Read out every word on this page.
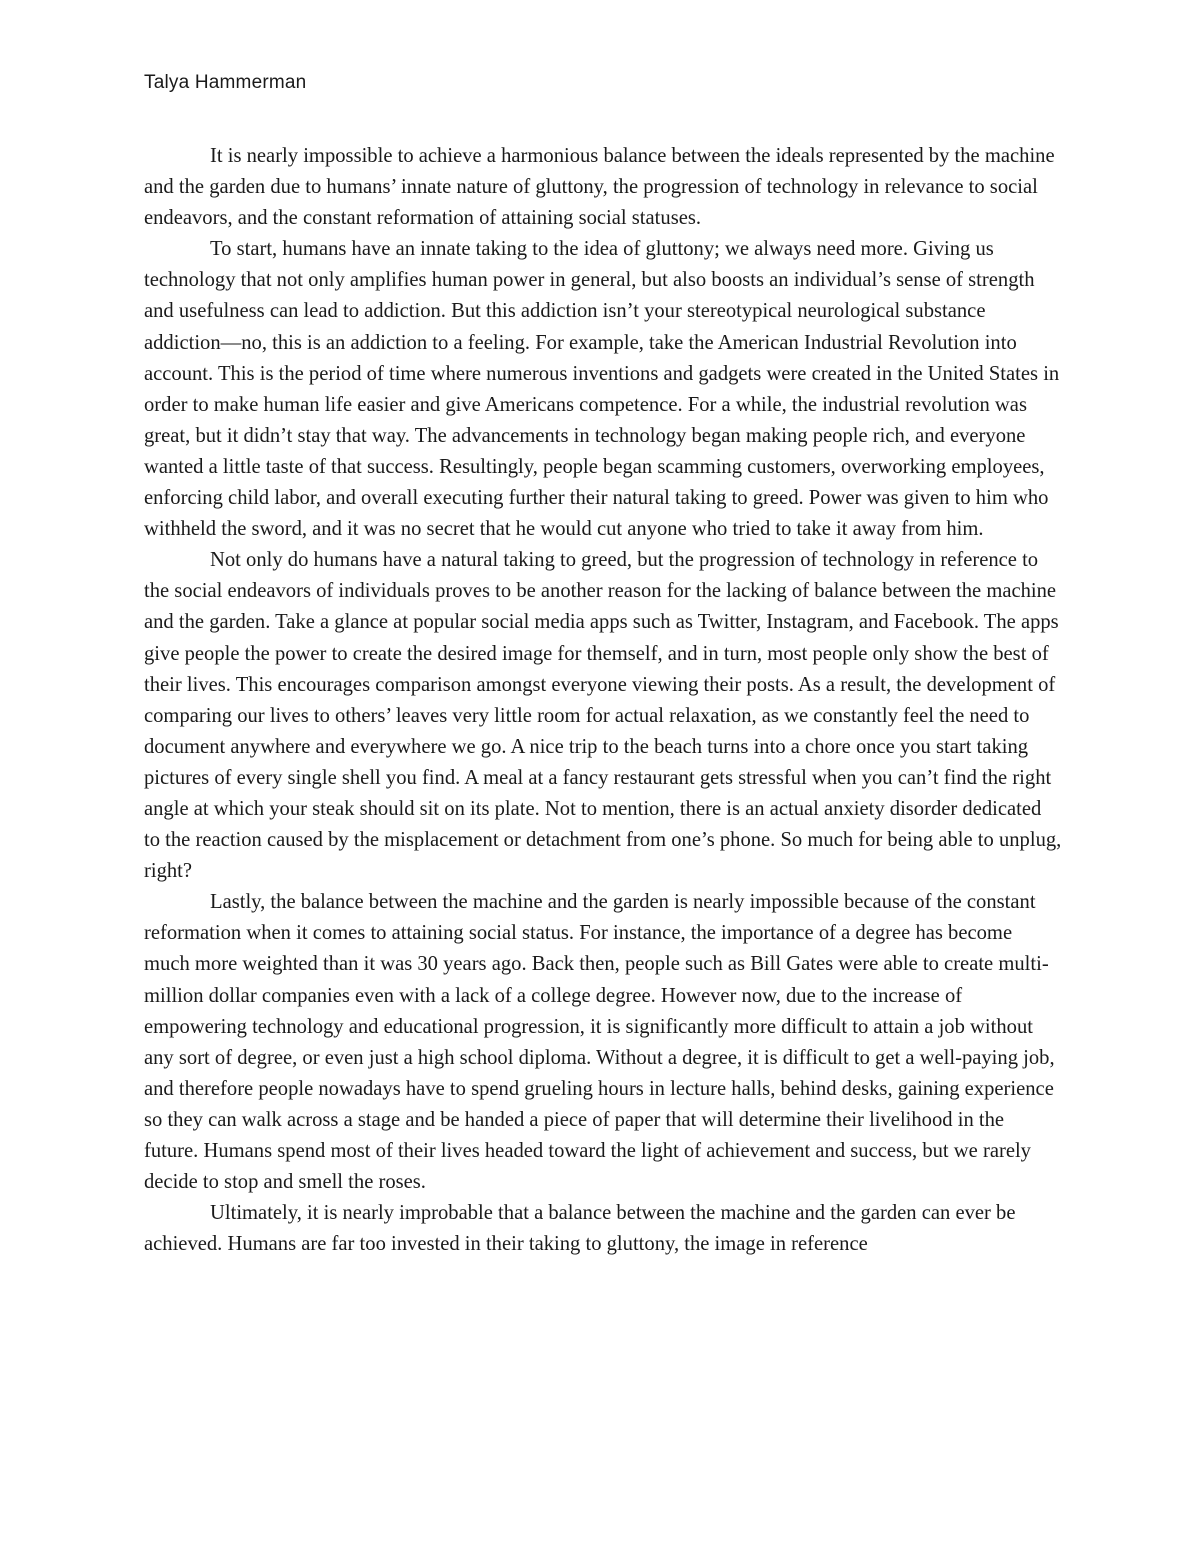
Talya Hammerman

It is nearly impossible to achieve a harmonious balance between the ideals represented by the machine and the garden due to humans’ innate nature of gluttony, the progression of technology in relevance to social endeavors, and the constant reformation of attaining social statuses.

To start, humans have an innate taking to the idea of gluttony; we always need more. Giving us technology that not only amplifies human power in general, but also boosts an individual’s sense of strength and usefulness can lead to addiction. But this addiction isn’t your stereotypical neurological substance addiction—no, this is an addiction to a feeling. For example, take the American Industrial Revolution into account. This is the period of time where numerous inventions and gadgets were created in the United States in order to make human life easier and give Americans competence. For a while, the industrial revolution was great, but it didn’t stay that way. The advancements in technology began making people rich, and everyone wanted a little taste of that success. Resultingly, people began scamming customers, overworking employees, enforcing child labor, and overall executing further their natural taking to greed. Power was given to him who withheld the sword, and it was no secret that he would cut anyone who tried to take it away from him.

Not only do humans have a natural taking to greed, but the progression of technology in reference to the social endeavors of individuals proves to be another reason for the lacking of balance between the machine and the garden. Take a glance at popular social media apps such as Twitter, Instagram, and Facebook. The apps give people the power to create the desired image for themself, and in turn, most people only show the best of their lives. This encourages comparison amongst everyone viewing their posts. As a result, the development of comparing our lives to others’ leaves very little room for actual relaxation, as we constantly feel the need to document anywhere and everywhere we go. A nice trip to the beach turns into a chore once you start taking pictures of every single shell you find. A meal at a fancy restaurant gets stressful when you can’t find the right angle at which your steak should sit on its plate. Not to mention, there is an actual anxiety disorder dedicated to the reaction caused by the misplacement or detachment from one’s phone. So much for being able to unplug, right?

Lastly, the balance between the machine and the garden is nearly impossible because of the constant reformation when it comes to attaining social status. For instance, the importance of a degree has become much more weighted than it was 30 years ago. Back then, people such as Bill Gates were able to create multi-million dollar companies even with a lack of a college degree. However now, due to the increase of empowering technology and educational progression, it is significantly more difficult to attain a job without any sort of degree, or even just a high school diploma. Without a degree, it is difficult to get a well-paying job, and therefore people nowadays have to spend grueling hours in lecture halls, behind desks, gaining experience so they can walk across a stage and be handed a piece of paper that will determine their livelihood in the future. Humans spend most of their lives headed toward the light of achievement and success, but we rarely decide to stop and smell the roses.

Ultimately, it is nearly improbable that a balance between the machine and the garden can ever be achieved. Humans are far too invested in their taking to gluttony, the image in reference
